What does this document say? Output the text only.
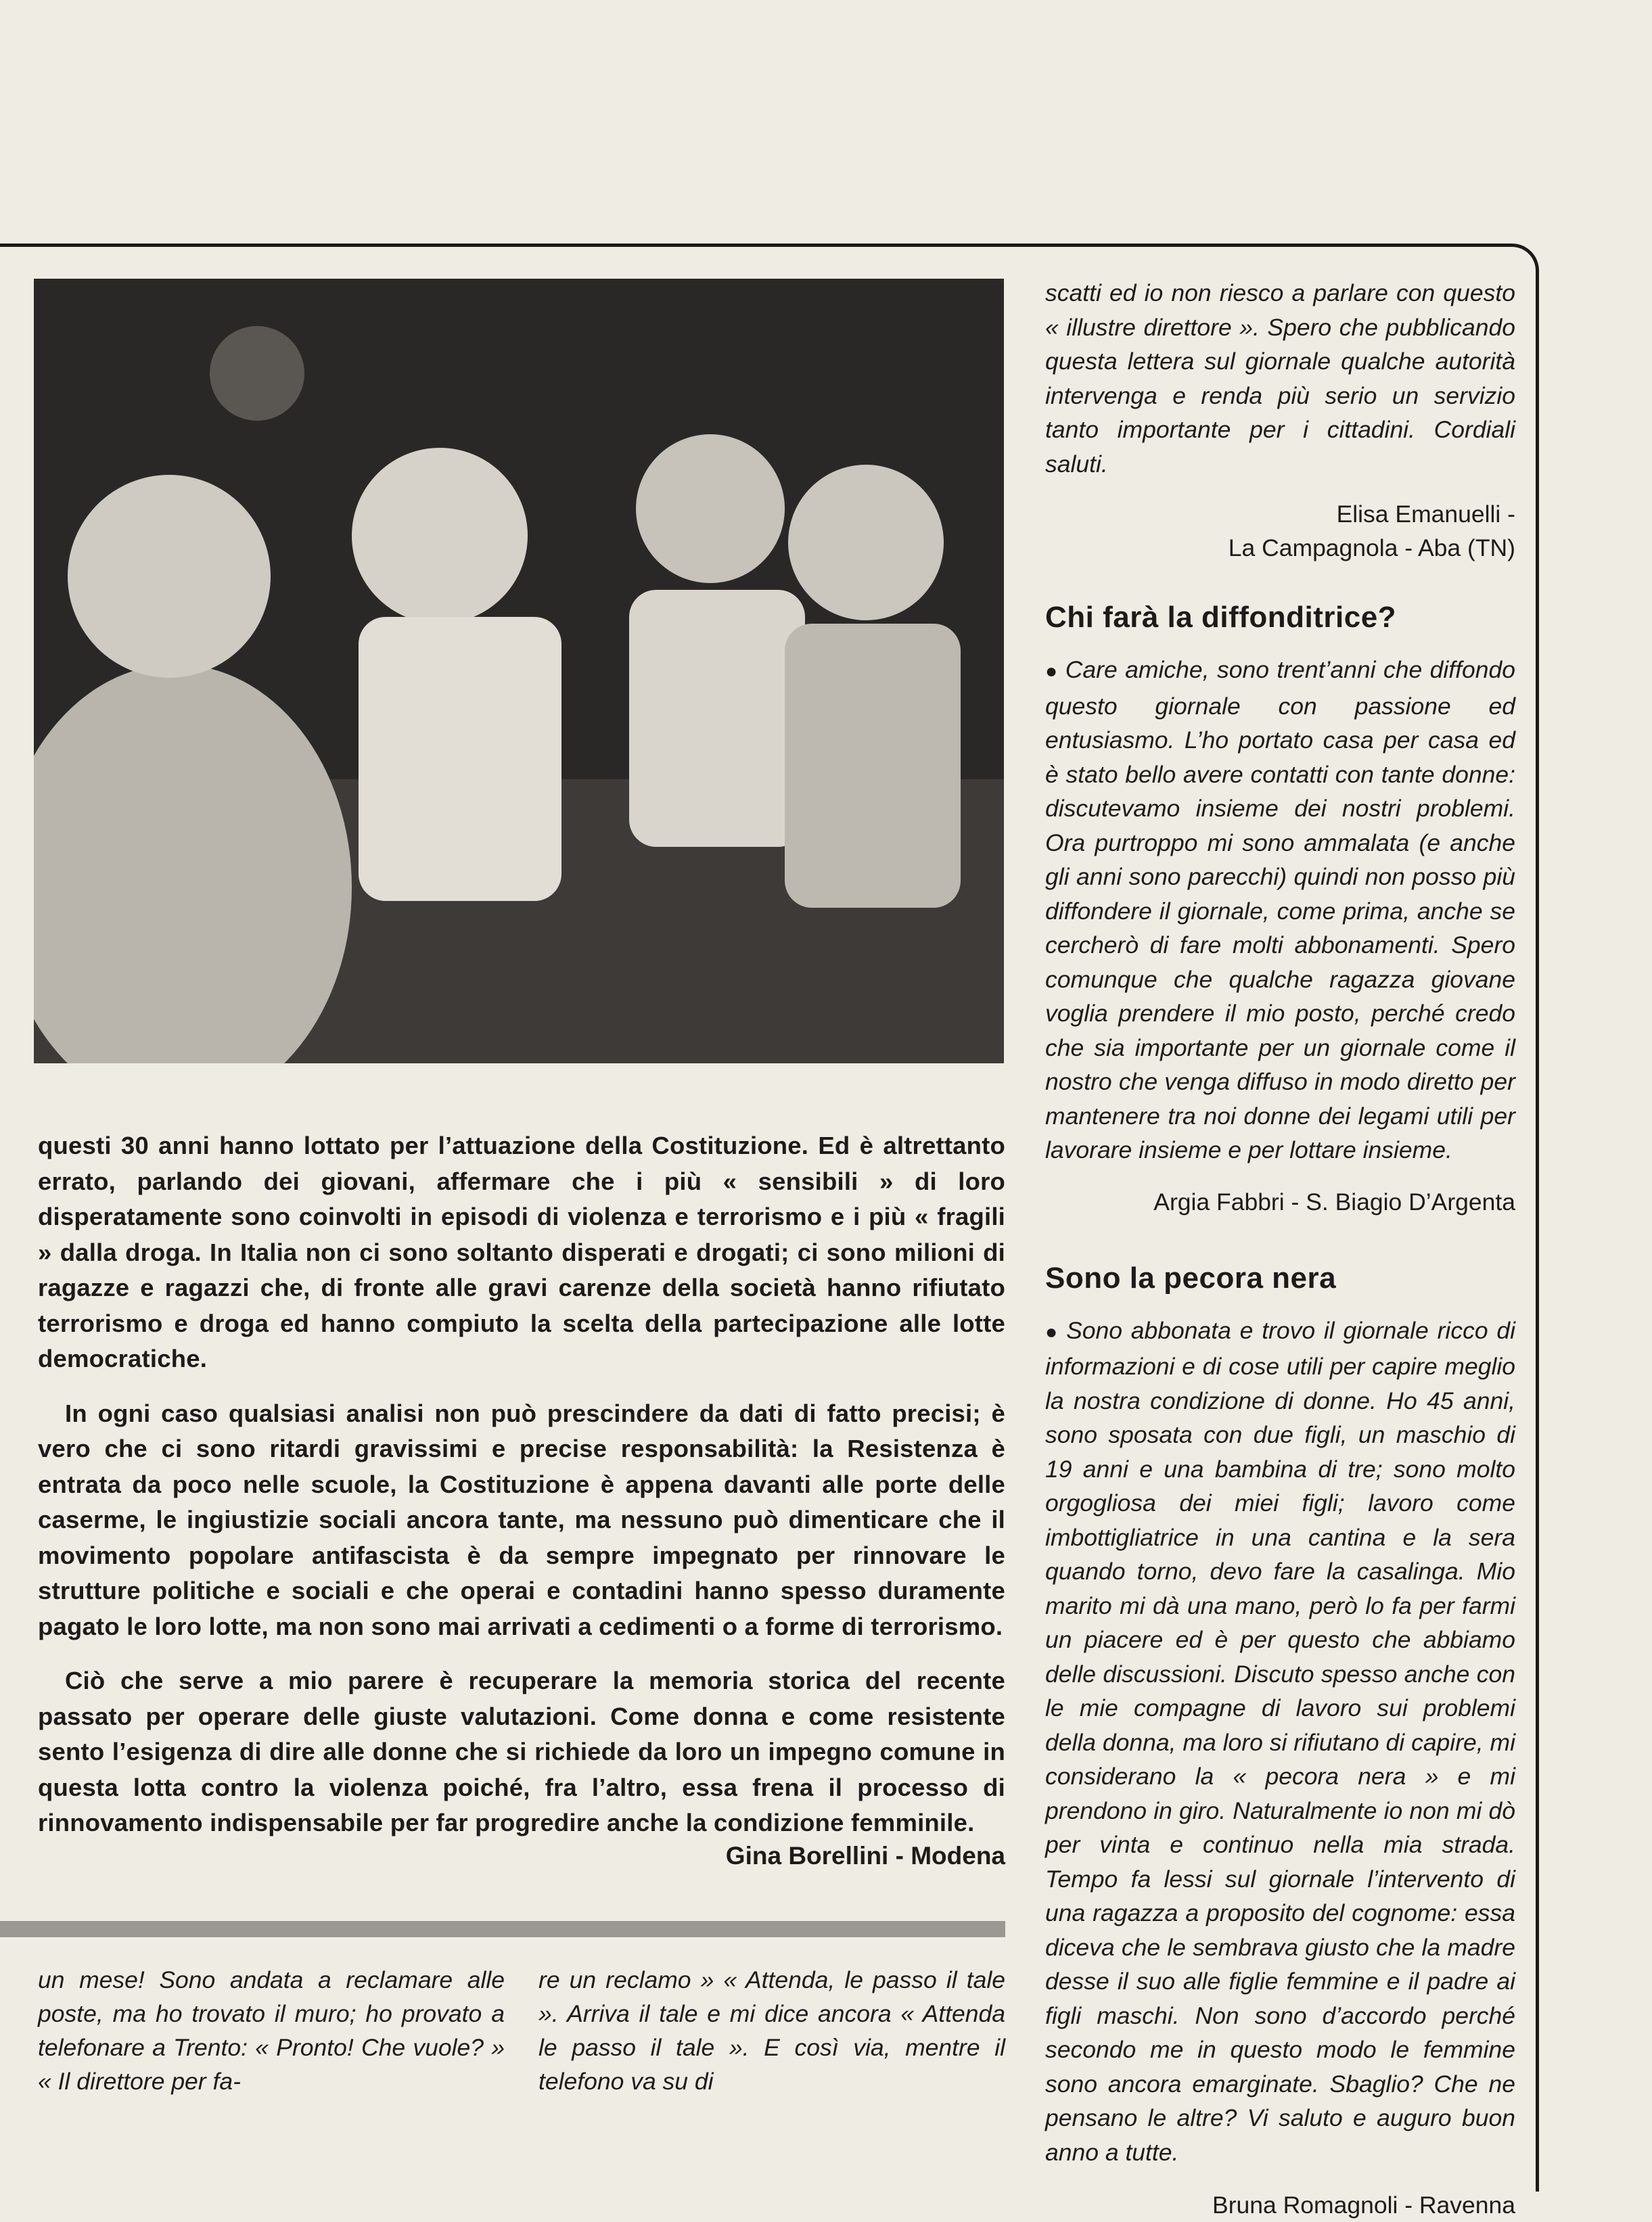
questi 30 anni hanno lottato per l’attuazione della Costituzione. Ed è altrettanto errato, parlando dei giovani, affermare che i più « sensibili » di loro disperatamente sono coinvolti in episodi di violenza e terrorismo e i più « fragili » dalla droga. In Italia non ci sono soltanto disperati e drogati; ci sono milioni di ragazze e ragazzi che, di fronte alle gravi carenze della società hanno rifiutato terrorismo e droga ed hanno compiuto la scelta della partecipazione alle lotte democratiche.

In ogni caso qualsiasi analisi non può prescindere da dati di fatto precisi; è vero che ci sono ritardi gravissimi e precise responsabilità: la Resistenza è entrata da poco nelle scuole, la Costituzione è appena davanti alle porte delle caserme, le ingiustizie sociali ancora tante, ma nessuno può dimenticare che il movimento popolare antifascista è da sempre impegnato per rinnovare le strutture politiche e sociali e che operai e contadini hanno spesso duramente pagato le loro lotte, ma non sono mai arrivati a cedimenti o a forme di terrorismo.

Ciò che serve a mio parere è recuperare la memoria storica del recente passato per operare delle giuste valutazioni. Come donna e come resistente sento l’esigenza di dire alle donne che si richiede da loro un impegno comune in questa lotta contro la violenza poiché, fra l’altro, essa frena il processo di rinnovamento indispensabile per far progredire anche la condizione femminile.

Gina Borellini - Modena

un mese! Sono andata a reclamare alle poste, ma ho trovato il muro; ho provato a telefonare a Trento: « Pronto! Che vuole? » « Il direttore per fa-

re un reclamo » « Attenda, le passo il tale ». Arriva il tale e mi dice ancora « Attenda le passo il tale ». E così via, mentre il telefono va su di

scatti ed io non riesco a parlare con questo « illustre direttore ». Spero che pubblicando questa lettera sul giornale qualche autorità intervenga e renda più serio un servizio tanto importante per i cittadini. Cordiali saluti.

Elisa Emanuelli -
La Campagnola - Aba (TN)

Chi farà la diffonditrice?

● Care amiche, sono trent’anni che diffondo questo giornale con passione ed entusiasmo. L’ho portato casa per casa ed è stato bello avere contatti con tante donne: discutevamo insieme dei nostri problemi. Ora purtroppo mi sono ammalata (e anche gli anni sono parecchi) quindi non posso più diffondere il giornale, come prima, anche se cercherò di fare molti abbonamenti. Spero comunque che qualche ragazza giovane voglia prendere il mio posto, perché credo che sia importante per un giornale come il nostro che venga diffuso in modo diretto per mantenere tra noi donne dei legami utili per lavorare insieme e per lottare insieme.

Argia Fabbri - S. Biagio D’Argenta

Sono la pecora nera

● Sono abbonata e trovo il giornale ricco di informazioni e di cose utili per capire meglio la nostra condizione di donne. Ho 45 anni, sono sposata con due figli, un maschio di 19 anni e una bambina di tre; sono molto orgogliosa dei miei figli; lavoro come imbottigliatrice in una cantina e la sera quando torno, devo fare la casalinga. Mio marito mi dà una mano, però lo fa per farmi un piacere ed è per questo che abbiamo delle discussioni. Discuto spesso anche con le mie compagne di lavoro sui problemi della donna, ma loro si rifiutano di capire, mi considerano la « pecora nera » e mi prendono in giro. Naturalmente io non mi dò per vinta e continuo nella mia strada. Tempo fa lessi sul giornale l’intervento di una ragazza a proposito del cognome: essa diceva che le sembrava giusto che la madre desse il suo alle figlie femmine e il padre ai figli maschi. Non sono d’accordo perché secondo me in questo modo le femmine sono ancora emarginate. Sbaglio? Che ne pensano le altre? Vi saluto e auguro buon anno a tutte.

Bruna Romagnoli - Ravenna
